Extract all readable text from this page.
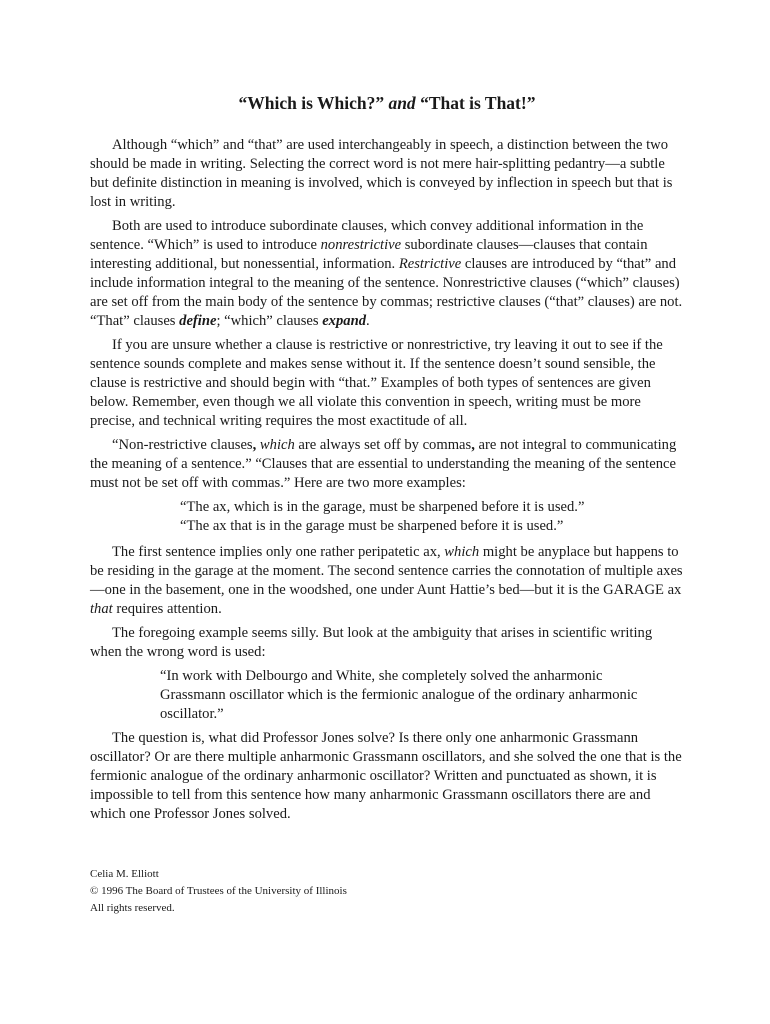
“Which is Which?” and “That is That!”

Although “which” and “that” are used interchangeably in speech, a distinction between the two should be made in writing. Selecting the correct word is not mere hair-splitting pedantry—a subtle but definite distinction in meaning is involved, which is conveyed by inflection in speech but that is lost in writing.

Both are used to introduce subordinate clauses, which convey additional information in the sentence. “Which” is used to introduce nonrestrictive subordinate clauses—clauses that contain interesting additional, but nonessential, information. Restrictive clauses are introduced by “that” and include information integral to the meaning of the sentence. Nonrestrictive clauses (“which” clauses) are set off from the main body of the sentence by commas; restrictive clauses (“that” clauses) are not. “That” clauses define; “which” clauses expand.

If you are unsure whether a clause is restrictive or nonrestrictive, try leaving it out to see if the sentence sounds complete and makes sense without it. If the sentence doesn’t sound sensible, the clause is restrictive and should begin with “that.” Examples of both types of sentences are given below. Remember, even though we all violate this convention in speech, writing must be more precise, and technical writing requires the most exactitude of all.

“Non-restrictive clauses, which are always set off by commas, are not integral to communicating the meaning of a sentence.” “Clauses that are essential to understanding the meaning of the sentence must not be set off with commas.” Here are two more examples:

“The ax, which is in the garage, must be sharpened before it is used.”

“The ax that is in the garage must be sharpened before it is used.”

The first sentence implies only one rather peripatetic ax, which might be anyplace but happens to be residing in the garage at the moment. The second sentence carries the connotation of multiple axes—one in the basement, one in the woodshed, one under Aunt Hattie’s bed—but it is the GARAGE ax that requires attention.

The foregoing example seems silly. But look at the ambiguity that arises in scientific writing when the wrong word is used:

“In work with Delbourgo and White, she completely solved the anharmonic Grassmann oscillator which is the fermionic analogue of the ordinary anharmonic oscillator.”

The question is, what did Professor Jones solve? Is there only one anharmonic Grassmann oscillator? Or are there multiple anharmonic Grassmann oscillators, and she solved the one that is the fermionic analogue of the ordinary anharmonic oscillator? Written and punctuated as shown, it is impossible to tell from this sentence how many anharmonic Grassmann oscillators there are and which one Professor Jones solved.

Celia M. Elliott
© 1996 The Board of Trustees of the University of Illinois
All rights reserved.
